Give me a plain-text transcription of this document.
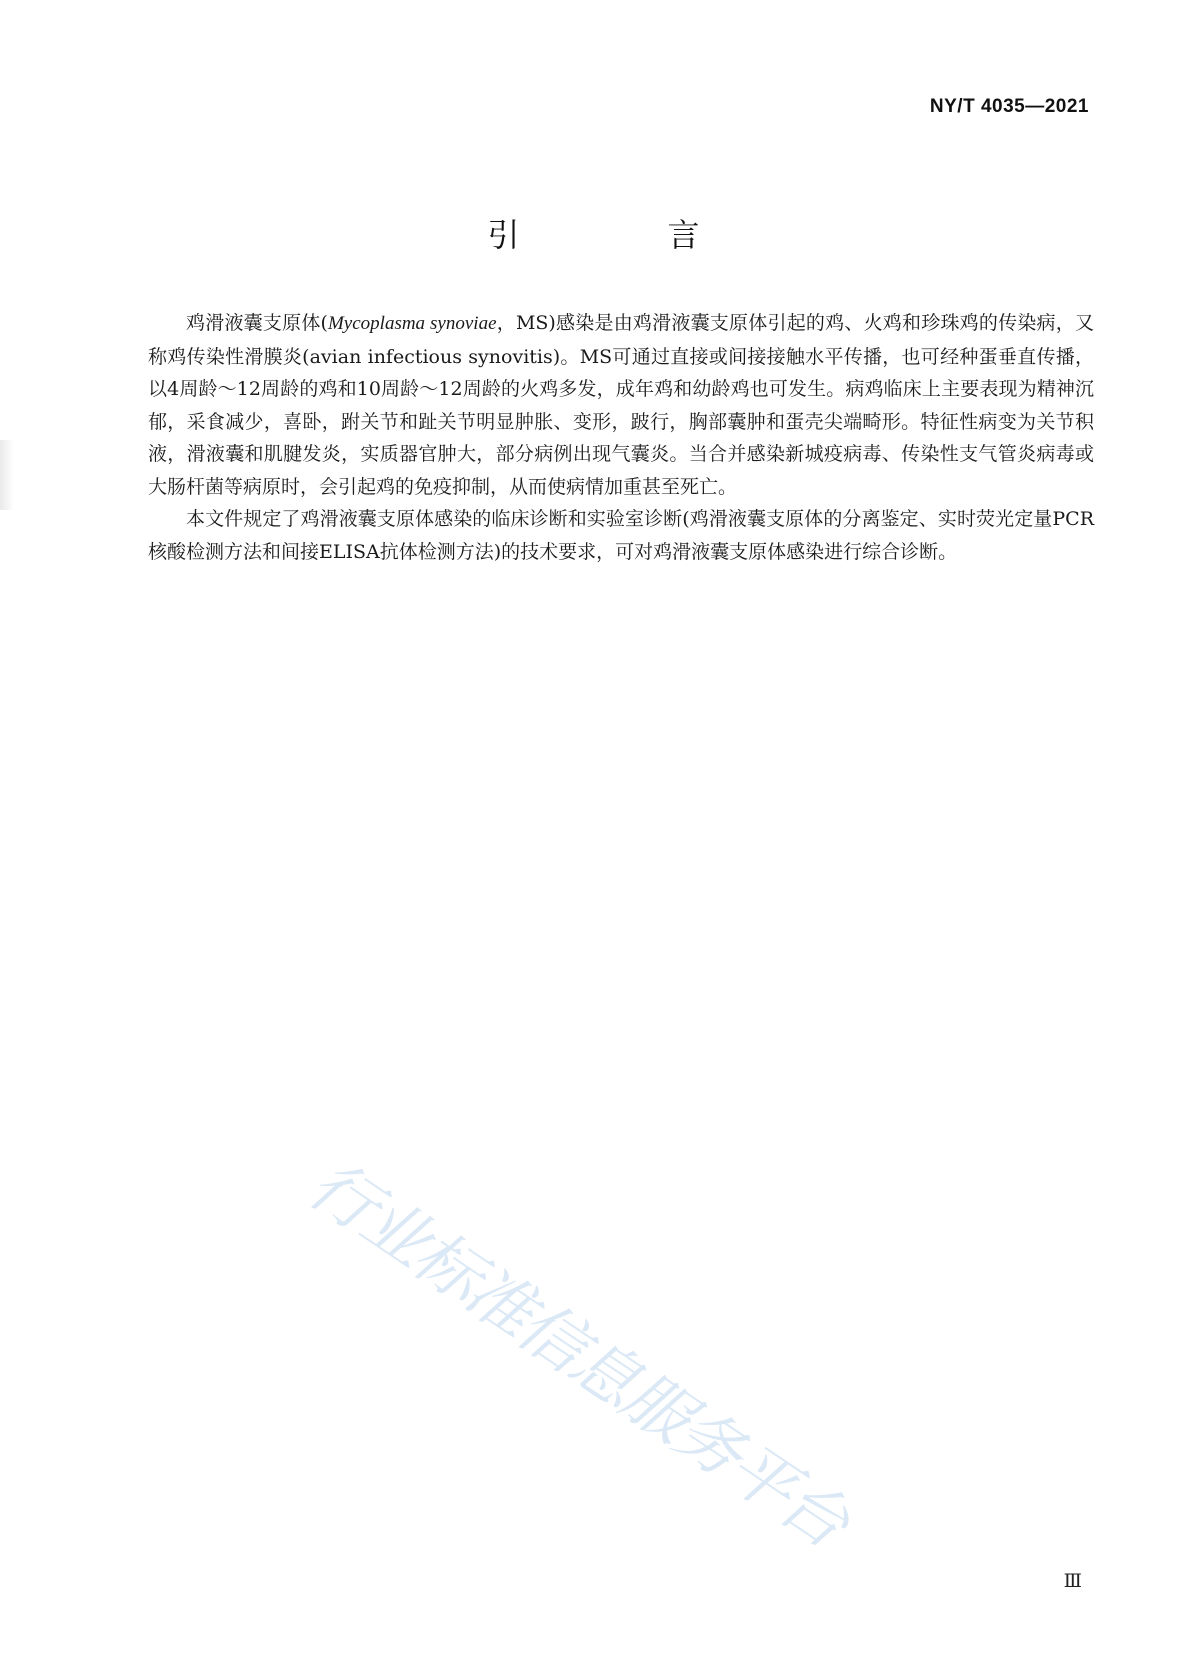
NY/T 4035—2021
引　言

鸡滑液囊支原体(Mycoplasma synoviae，MS)感染是由鸡滑液囊支原体引起的鸡、火鸡和珍珠鸡的传染病，又称鸡传染性滑膜炎(avian infectious synovitis)。MS可通过直接或间接接触水平传播，也可经种蛋垂直传播，以4周龄～12周龄的鸡和10周龄～12周龄的火鸡多发，成年鸡和幼龄鸡也可发生。病鸡临床上主要表现为精神沉郁，采食减少，喜卧，跗关节和趾关节明显肿胀、变形，跛行，胸部囊肿和蛋壳尖端畸形。特征性病变为关节积液，滑液囊和肌腱发炎，实质器官肿大，部分病例出现气囊炎。当合并感染新城疫病毒、传染性支气管炎病毒或大肠杆菌等病原时，会引起鸡的免疫抑制，从而使病情加重甚至死亡。

本文件规定了鸡滑液囊支原体感染的临床诊断和实验室诊断(鸡滑液囊支原体的分离鉴定、实时荧光定量PCR核酸检测方法和间接ELISA抗体检测方法)的技术要求，可对鸡滑液囊支原体感染进行综合诊断。

行业标准信息服务平台
Ⅲ
